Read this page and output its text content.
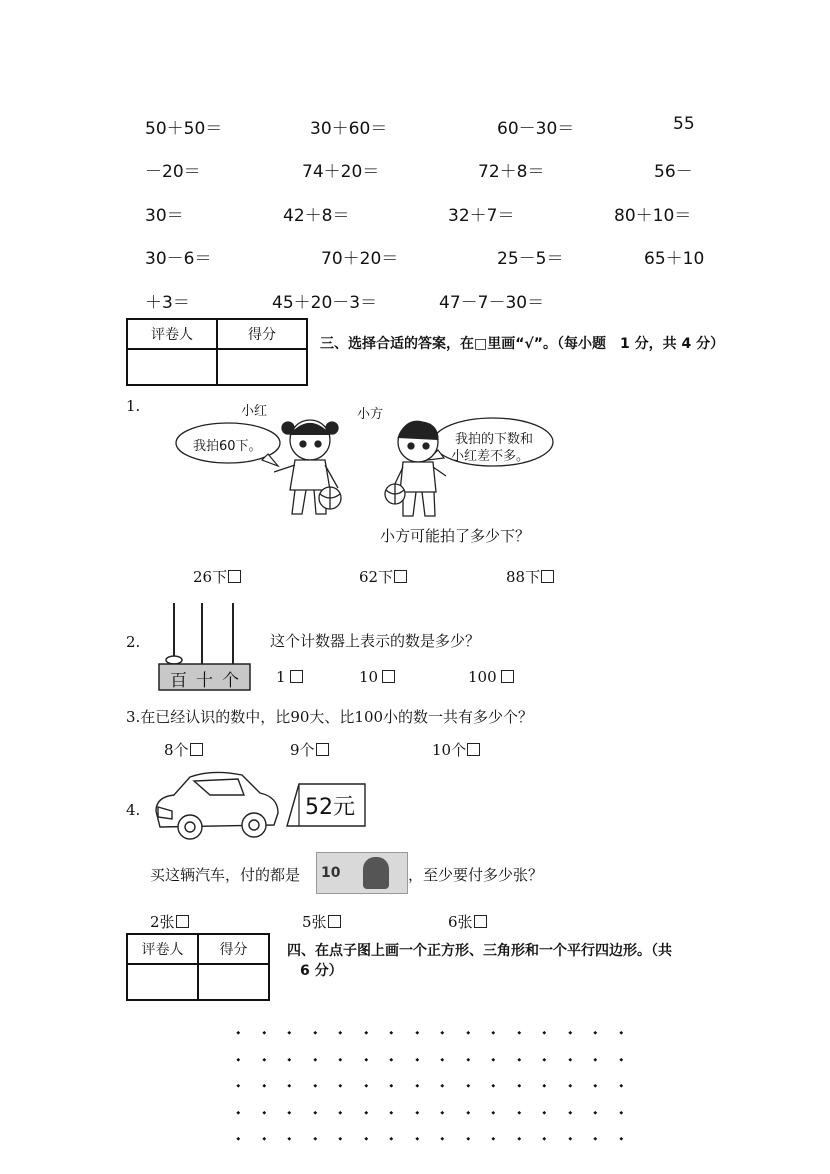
50＋50＝	30＋60＝	60－30＝	55
－20＝	74＋20＝	72＋8＝	56－
30＝	42＋8＝	32＋7＝	80＋10＝
30－6＝	70＋20＝	25－5＝	65＋10
＋3＝	45＋20－3＝	47－7－30＝
评卷人	得分

三、选择合适的答案，在□里画“√”。（每小题　1 分，共 4 分）
1.	小红	小方
我拍60下。	我拍的下数和
小红差不多。
小方可能拍了多少下？
26下	62下	88下
2.
百 十 个
这个计数器上表示的数是多少？
1	10	100
3.在已经认识的数中，比90大、比100小的数一共有多少个？
8个	9个	10个
4.	52元
买这辆汽车，付的都是 10	，至少要付多少张？
2张	5张	6张
评卷人	得分
		四、在点子图上画一个正方形、三角形和一个平行四边形。（共
6 分）
◆ ◆ ◆ ◆ ◆ ◆ ◆ ◆ ◆ ◆ ◆ ◆ ◆ ◆ ◆ ◆
◆ ◆ ◆ ◆ ◆ ◆ ◆ ◆ ◆ ◆ ◆ ◆ ◆ ◆ ◆ ◆
◆ ◆ ◆ ◆ ◆ ◆ ◆ ◆ ◆ ◆ ◆ ◆ ◆ ◆ ◆ ◆
◆ ◆ ◆ ◆ ◆ ◆ ◆ ◆ ◆ ◆ ◆ ◆ ◆ ◆ ◆ ◆
◆ ◆ ◆ ◆ ◆ ◆ ◆ ◆ ◆ ◆ ◆ ◆ ◆ ◆ ◆ ◆
